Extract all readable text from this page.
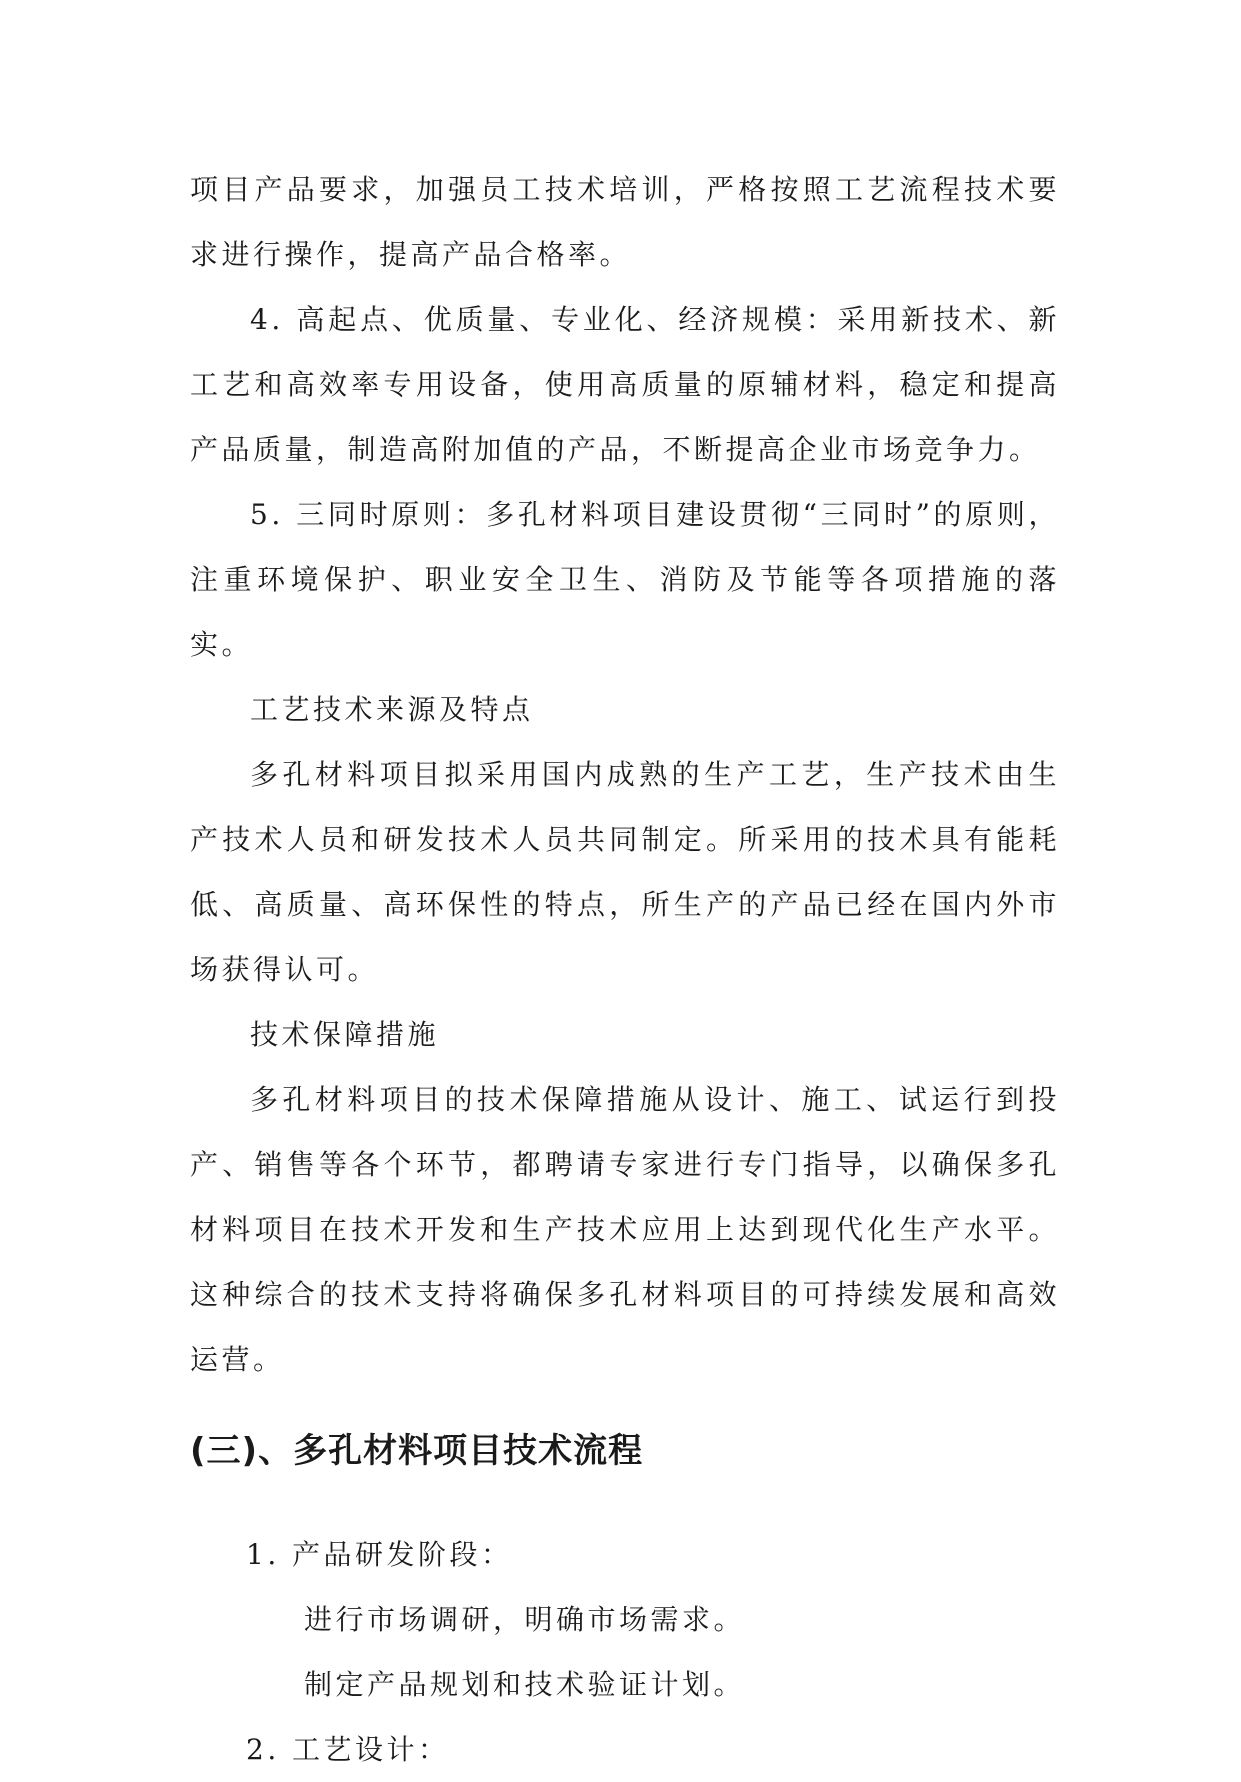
项目产品要求，加强员工技术培训，严格按照工艺流程技术要求进行操作，提高产品合格率。

4. 高起点、优质量、专业化、经济规模：采用新技术、新工艺和高效率专用设备，使用高质量的原辅材料，稳定和提高产品质量，制造高附加值的产品，不断提高企业市场竞争力。

5. 三同时原则：多孔材料项目建设贯彻“三同时”的原则，注重环境保护、职业安全卫生、消防及节能等各项措施的落实。

工艺技术来源及特点

多孔材料项目拟采用国内成熟的生产工艺，生产技术由生产技术人员和研发技术人员共同制定。所采用的技术具有能耗低、高质量、高环保性的特点，所生产的产品已经在国内外市场获得认可。

技术保障措施

多孔材料项目的技术保障措施从设计、施工、试运行到投产、销售等各个环节，都聘请专家进行专门指导，以确保多孔材料项目在技术开发和生产技术应用上达到现代化生产水平。这种综合的技术支持将确保多孔材料项目的可持续发展和高效运营。

(三)、多孔材料项目技术流程

1. 产品研发阶段：

进行市场调研，明确市场需求。

制定产品规划和技术验证计划。

2. 工艺设计：
